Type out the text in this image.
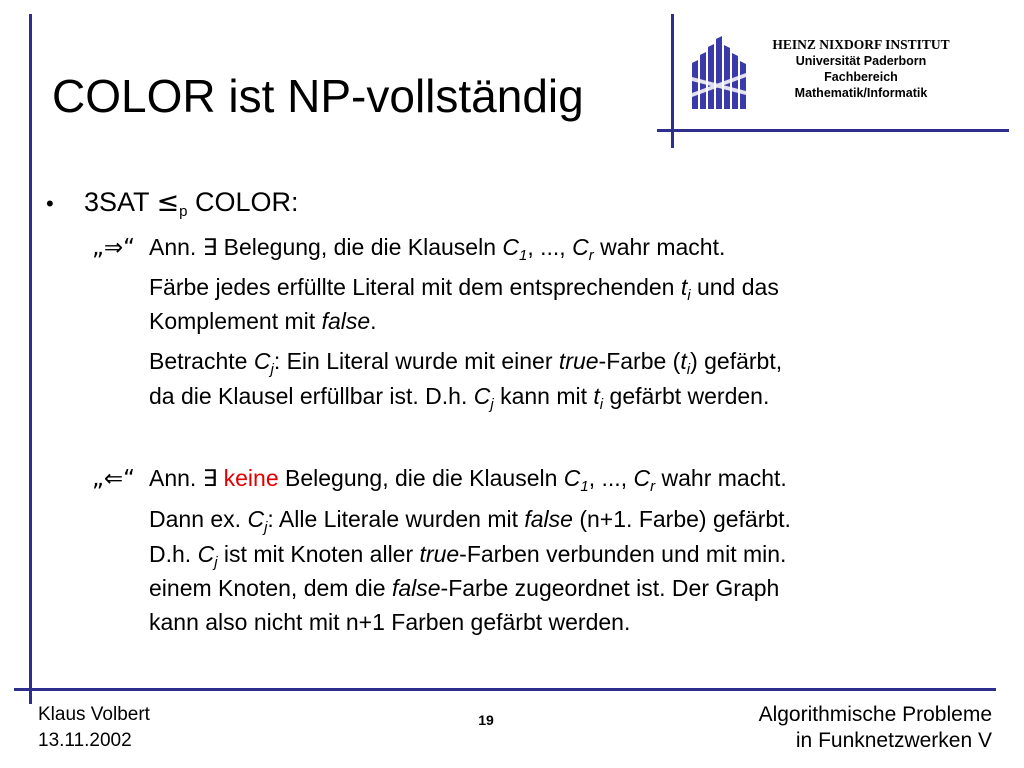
COLOR ist NP-vollständig
HEINZ NIXDORF INSTITUT
Universität Paderborn
Fachbereich
Mathematik/Informatik
• $3SAT \le_p$ COLOR:
„⇒“ Ann. ∃ Belegung, die die Klauseln $C_1$, ..., $C_r$ wahr macht.
Färbe jedes erfüllte Literal mit dem entsprechenden $t_i$ und das
Komplement mit false.
Betrachte $C_j$: Ein Literal wurde mit einer true-Farbe $(t_i)$ gefärbt,
da die Klausel erfüllbar ist. D.h. $C_j$ kann mit $t_i$ gefärbt werden.
„⇐“ Ann. ∃ keine Belegung, die die Klauseln $C_1$, ..., $C_r$ wahr macht.
Dann ex. $C_j$: Alle Literale wurden mit false (n+1. Farbe) gefärbt.
D.h. $C_j$ ist mit Knoten aller true-Farben verbunden und mit min.
einem Knoten, dem die false-Farbe zugeordnet ist. Der Graph
kann also nicht mit n+1 Farben gefärbt werden.
Klaus Volbert
13.11.2002
19	Algorithmische Probleme
in Funknetzwerken V
